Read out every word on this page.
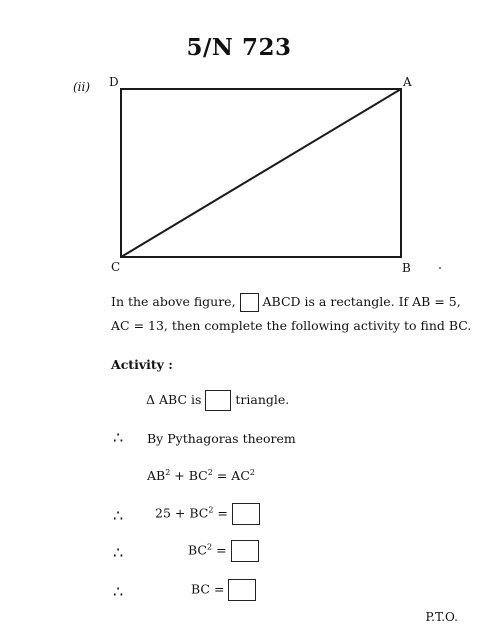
5/N 723
(ii) D	A
C	B
In the above figure, ABCD is a rectangle. If AB = 5,
AC = 13, then complete the following activity to find BC.
Activity :
Δ ABC is	triangle.
∴ By Pythagoras theorem
$AB^2 + BC^2 = AC^2$
∴	$25 + BC^2$ =
∴	$BC^2$ =
∴	BC =
P.T.O.
